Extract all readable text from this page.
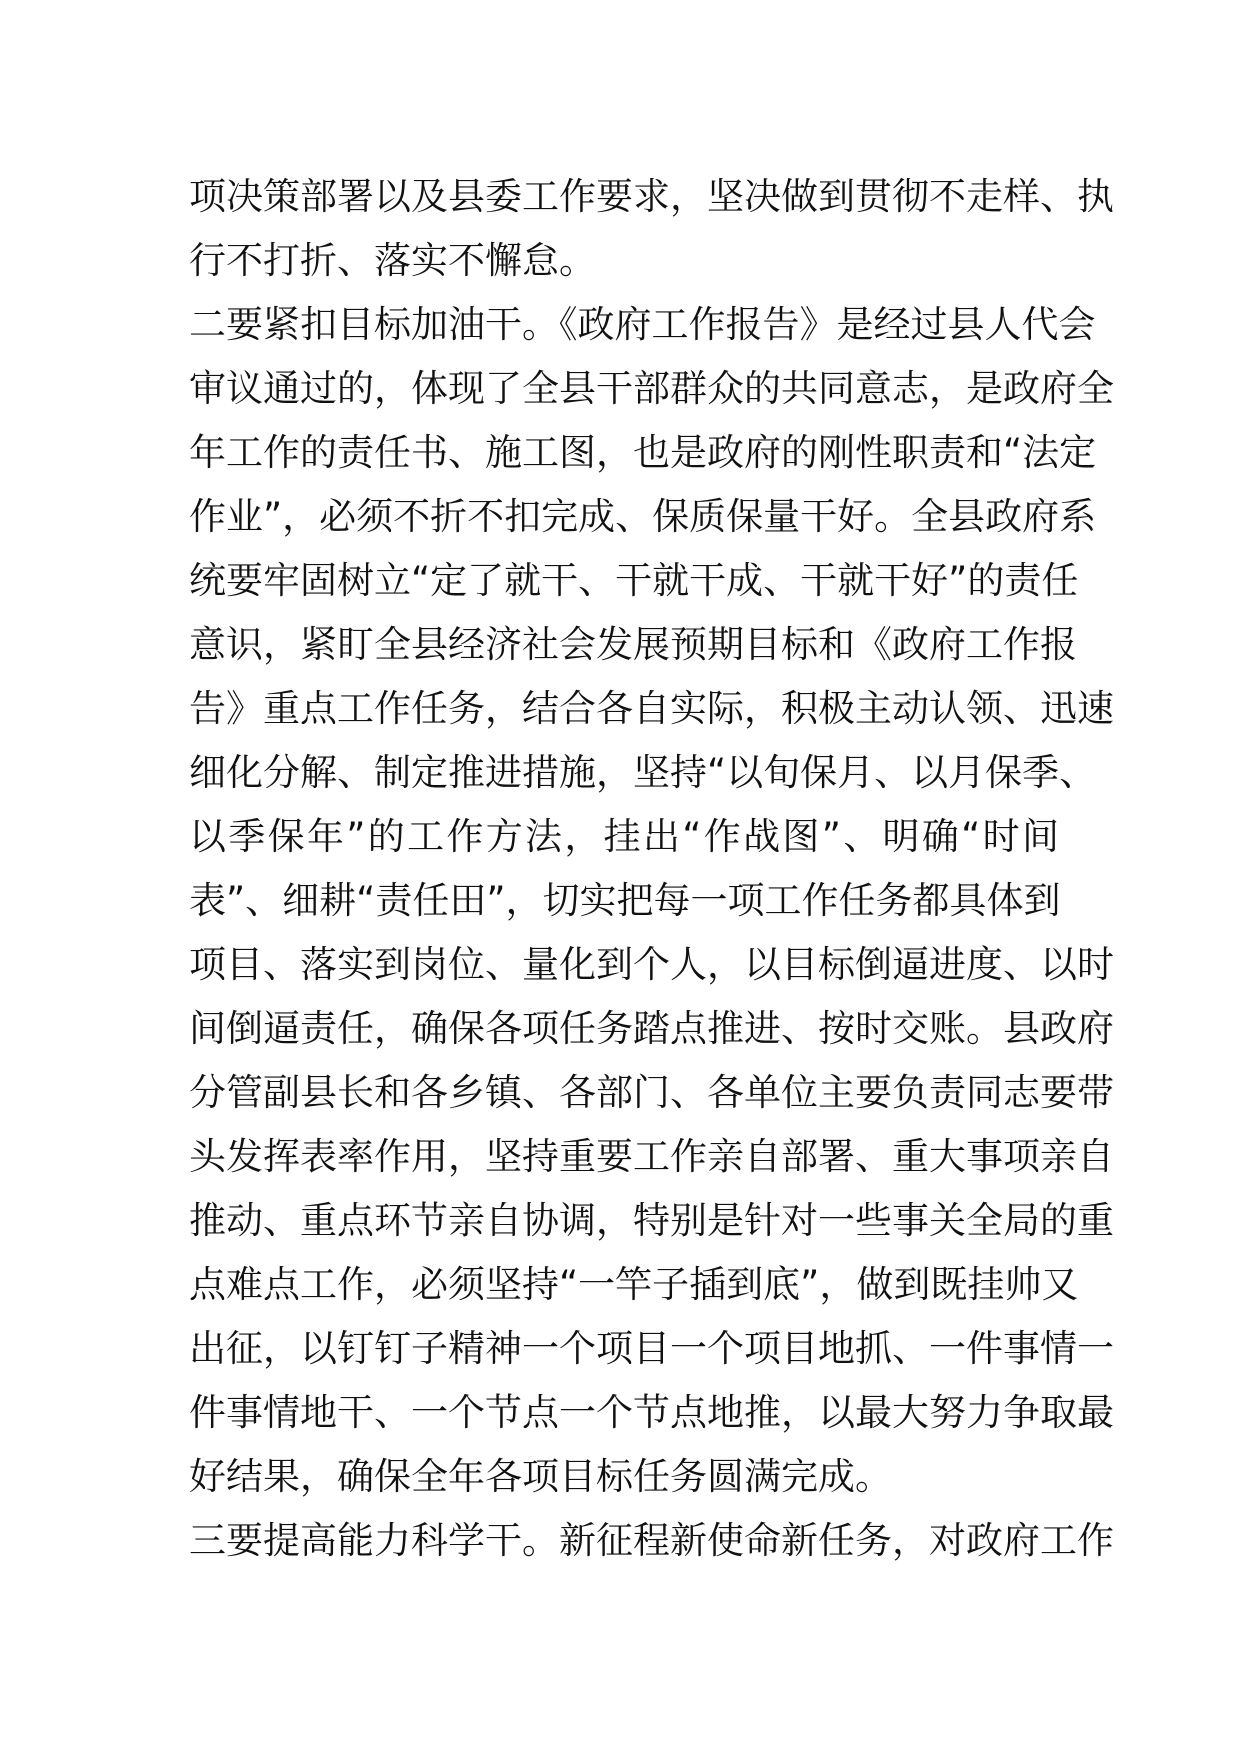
项决策部署以及县委工作要求，坚决做到贯彻不走样、执
行不打折、落实不懈怠。
二要紧扣目标加油干。《政府工作报告》是经过县人代会
审议通过的，体现了全县干部群众的共同意志，是政府全
年工作的责任书、施工图，也是政府的刚性职责和“法定
作业”，必须不折不扣完成、保质保量干好。全县政府系
统要牢固树立“定了就干、干就干成、干就干好”的责任
意识，紧盯全县经济社会发展预期目标和《政府工作报
告》重点工作任务，结合各自实际，积极主动认领、迅速
细化分解、制定推进措施，坚持“以旬保月、以月保季、
以季保年”的工作方法，挂出“作战图”、明确“时间
表”、细耕“责任田”，切实把每一项工作任务都具体到
项目、落实到岗位、量化到个人，以目标倒逼进度、以时
间倒逼责任，确保各项任务踏点推进、按时交账。县政府
分管副县长和各乡镇、各部门、各单位主要负责同志要带
头发挥表率作用，坚持重要工作亲自部署、重大事项亲自
推动、重点环节亲自协调，特别是针对一些事关全局的重
点难点工作，必须坚持“一竿子插到底”，做到既挂帅又
出征，以钉钉子精神一个项目一个项目地抓、一件事情一
件事情地干、一个节点一个节点地推，以最大努力争取最
好结果，确保全年各项目标任务圆满完成。
三要提高能力科学干。新征程新使命新任务，对政府工作
